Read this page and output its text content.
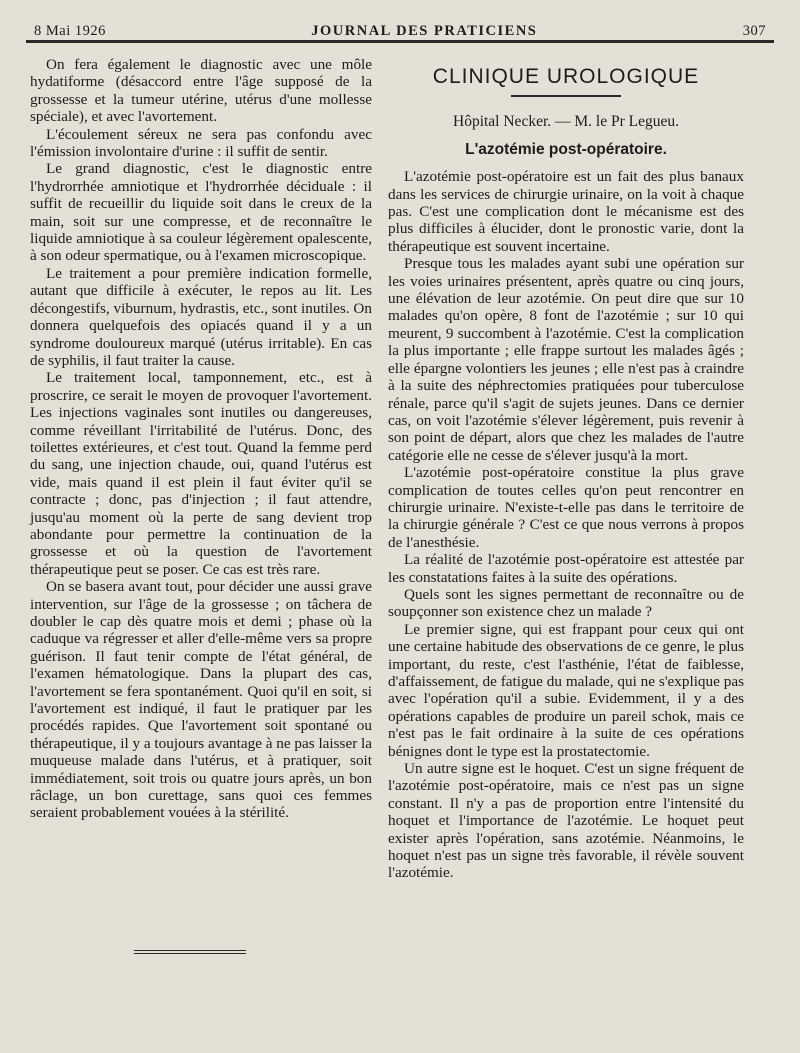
8 Mai 1926	JOURNAL DES PRATICIENS	307

On fera également le diagnostic avec une môle hydatiforme (désaccord entre l'âge supposé de la grossesse et la tumeur utérine, utérus d'une mollesse spéciale), et avec l'avortement.

L'écoulement séreux ne sera pas confondu avec l'émission involontaire d'urine : il suffit de sentir.

Le grand diagnostic, c'est le diagnostic entre l'hydrorrhée amniotique et l'hydrorrhée déciduale : il suffit de recueillir du liquide soit dans le creux de la main, soit sur une compresse, et de reconnaître le liquide amniotique à sa couleur légèrement opalescente, à son odeur spermatique, ou à l'examen microscopique.

Le traitement a pour première indication formelle, autant que difficile à exécuter, le repos au lit. Les décongestifs, viburnum, hydrastis, etc., sont inutiles. On donnera quelquefois des opiacés quand il y a un syndrome douloureux marqué (utérus irritable). En cas de syphilis, il faut traiter la cause.

Le traitement local, tamponnement, etc., est à proscrire, ce serait le moyen de provoquer l'avortement. Les injections vaginales sont inutiles ou dangereuses, comme réveillant l'irritabilité de l'utérus. Donc, des toilettes extérieures, et c'est tout. Quand la femme perd du sang, une injection chaude, oui, quand l'utérus est vide, mais quand il est plein il faut éviter qu'il se contracte ; donc, pas d'injection ; il faut attendre, jusqu'au moment où la perte de sang devient trop abondante pour permettre la continuation de la grossesse et où la question de l'avortement thérapeutique peut se poser. Ce cas est très rare.

On se basera avant tout, pour décider une aussi grave intervention, sur l'âge de la grossesse ; on tâchera de doubler le cap dès quatre mois et demi ; phase où la caduque va régresser et aller d'elle-même vers sa propre guérison. Il faut tenir compte de l'état général, de l'examen hématologique. Dans la plupart des cas, l'avortement se fera spontanément. Quoi qu'il en soit, si l'avortement est indiqué, il faut le pratiquer par les procédés rapides. Que l'avortement soit spontané ou thérapeutique, il y a toujours avantage à ne pas laisser la muqueuse malade dans l'utérus, et à pratiquer, soit immédiatement, soit trois ou quatre jours après, un bon râclage, un bon curettage, sans quoi ces femmes seraient probablement vouées à la stérilité.

CLINIQUE UROLOGIQUE
Hôpital Necker. — M. le Pr Legueu.
L'azotémie post-opératoire.

L'azotémie post-opératoire est un fait des plus banaux dans les services de chirurgie urinaire, on la voit à chaque pas. C'est une complication dont le mécanisme est des plus difficiles à élucider, dont le pronostic varie, dont la thérapeutique est souvent incertaine.

Presque tous les malades ayant subi une opération sur les voies urinaires présentent, après quatre ou cinq jours, une élévation de leur azotémie. On peut dire que sur 10 malades qu'on opère, 8 font de l'azotémie ; sur 10 qui meurent, 9 succombent à l'azotémie. C'est la complication la plus importante ; elle frappe surtout les malades âgés ; elle épargne volontiers les jeunes ; elle n'est pas à craindre à la suite des néphrectomies pratiquées pour tuberculose rénale, parce qu'il s'agit de sujets jeunes. Dans ce dernier cas, on voit l'azotémie s'élever légèrement, puis revenir à son point de départ, alors que chez les malades de l'autre catégorie elle ne cesse de s'élever jusqu'à la mort.

L'azotémie post-opératoire constitue la plus grave complication de toutes celles qu'on peut rencontrer en chirurgie urinaire. N'existe-t-elle pas dans le territoire de la chirurgie générale ? C'est ce que nous verrons à propos de l'anesthésie.

La réalité de l'azotémie post-opératoire est attestée par les constatations faites à la suite des opérations.

Quels sont les signes permettant de reconnaître ou de soupçonner son existence chez un malade ?

Le premier signe, qui est frappant pour ceux qui ont une certaine habitude des observations de ce genre, le plus important, du reste, c'est l'asthénie, l'état de faiblesse, d'affaissement, de fatigue du malade, qui ne s'explique pas avec l'opération qu'il a subie. Evidemment, il y a des opérations capables de produire un pareil schok, mais ce n'est pas le fait ordinaire à la suite de ces opérations bénignes dont le type est la prostatectomie.

Un autre signe est le hoquet. C'est un signe fréquent de l'azotémie post-opératoire, mais ce n'est pas un signe constant. Il n'y a pas de proportion entre l'intensité du hoquet et l'importance de l'azotémie. Le hoquet peut exister après l'opération, sans azotémie. Néanmoins, le hoquet n'est pas un signe très favorable, il révèle souvent l'azotémie.
